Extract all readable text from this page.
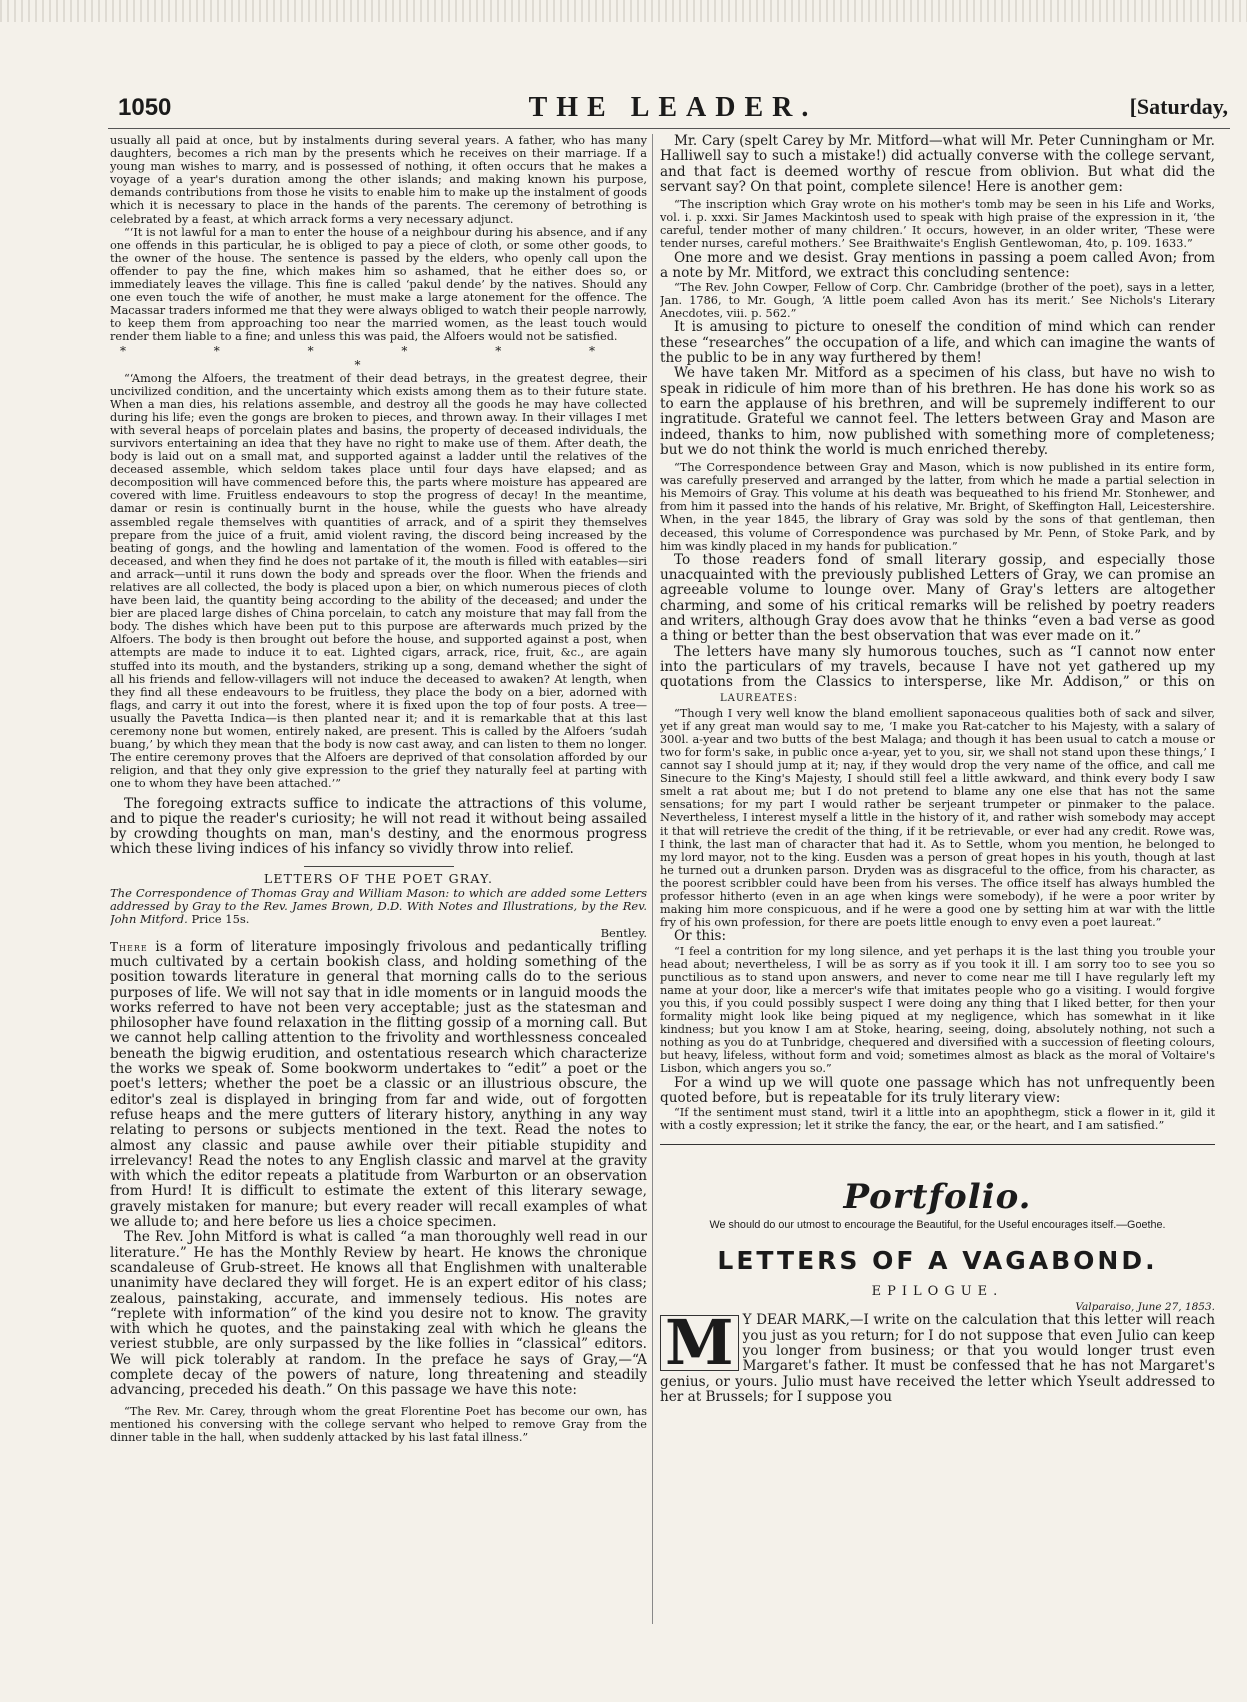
1050	THE LEADER.	[Saturday,

usually all paid at once, but by instalments during several years. A father, who has many daughters, becomes a rich man by the presents which he receives on their marriage. If a young man wishes to marry, and is possessed of nothing, it often occurs that he makes a voyage of a year's duration among the other islands; and making known his purpose, demands contributions from those he visits to enable him to make up the instalment of goods which it is necessary to place in the hands of the parents. The ceremony of betrothing is celebrated by a feast, at which arrack forms a very necessary adjunct.

“‘It is not lawful for a man to enter the house of a neighbour during his absence, and if any one offends in this particular, he is obliged to pay a piece of cloth, or some other goods, to the owner of the house. The sentence is passed by the elders, who openly call upon the offender to pay the fine, which makes him so ashamed, that he either does so, or immediately leaves the village. This fine is called ‘pakul dende’ by the natives. Should any one even touch the wife of another, he must make a large atonement for the offence. The Macassar traders informed me that they were always obliged to watch their people narrowly, to keep them from approaching too near the married women, as the least touch would render them liable to a fine; and unless this was paid, the Alfoers would not be satisfied.

* * * * * * *

“‘Among the Alfoers, the treatment of their dead betrays, in the greatest degree, their uncivilized condition, and the uncertainty which exists among them as to their future state. When a man dies, his relations assemble, and destroy all the goods he may have collected during his life; even the gongs are broken to pieces, and thrown away. In their villages I met with several heaps of porcelain plates and basins, the property of deceased individuals, the survivors entertaining an idea that they have no right to make use of them. After death, the body is laid out on a small mat, and supported against a ladder until the relatives of the deceased assemble, which seldom takes place until four days have elapsed; and as decomposition will have commenced before this, the parts where moisture has appeared are covered with lime. Fruitless endeavours to stop the progress of decay! In the meantime, damar or resin is continually burnt in the house, while the guests who have already assembled regale themselves with quantities of arrack, and of a spirit they themselves prepare from the juice of a fruit, amid violent raving, the discord being increased by the beating of gongs, and the howling and lamentation of the women. Food is offered to the deceased, and when they find he does not partake of it, the mouth is filled with eatables—siri and arrack—until it runs down the body and spreads over the floor. When the friends and relatives are all collected, the body is placed upon a bier, on which numerous pieces of cloth have been laid, the quantity being according to the ability of the deceased; and under the bier are placed large dishes of China porcelain, to catch any moisture that may fall from the body. The dishes which have been put to this purpose are afterwards much prized by the Alfoers. The body is then brought out before the house, and supported against a post, when attempts are made to induce it to eat. Lighted cigars, arrack, rice, fruit, &c., are again stuffed into its mouth, and the bystanders, striking up a song, demand whether the sight of all his friends and fellow-villagers will not induce the deceased to awaken? At length, when they find all these endeavours to be fruitless, they place the body on a bier, adorned with flags, and carry it out into the forest, where it is fixed upon the top of four posts. A tree—usually the Pavetta Indica—is then planted near it; and it is remarkable that at this last ceremony none but women, entirely naked, are present. This is called by the Alfoers ‘sudah buang,’ by which they mean that the body is now cast away, and can listen to them no longer. The entire ceremony proves that the Alfoers are deprived of that consolation afforded by our religion, and that they only give expression to the grief they naturally feel at parting with one to whom they have been attached.’”

The foregoing extracts suffice to indicate the attractions of this volume, and to pique the reader's curiosity; he will not read it without being assailed by crowding thoughts on man, man's destiny, and the enormous progress which these living indices of his infancy so vividly throw into relief.

LETTERS OF THE POET GRAY.

The Correspondence of Thomas Gray and William Mason: to which are added some Letters addressed by Gray to the Rev. James Brown, D.D. With Notes and Illustrations, by the Rev. John Mitford. Price 15s.

Bentley.

There is a form of literature imposingly frivolous and pedantically trifling much cultivated by a certain bookish class, and holding something of the position towards literature in general that morning calls do to the serious purposes of life. We will not say that in idle moments or in languid moods the works referred to have not been very acceptable; just as the statesman and philosopher have found relaxation in the flitting gossip of a morning call. But we cannot help calling attention to the frivolity and worthlessness concealed beneath the bigwig erudition, and ostentatious research which characterize the works we speak of. Some bookworm undertakes to “edit” a poet or the poet's letters; whether the poet be a classic or an illustrious obscure, the editor's zeal is displayed in bringing from far and wide, out of forgotten refuse heaps and the mere gutters of literary history, anything in any way relating to persons or subjects mentioned in the text. Read the notes to almost any classic and pause awhile over their pitiable stupidity and irrelevancy! Read the notes to any English classic and marvel at the gravity with which the editor repeats a platitude from Warburton or an observation from Hurd! It is difficult to estimate the extent of this literary sewage, gravely mistaken for manure; but every reader will recall examples of what we allude to; and here before us lies a choice specimen.

The Rev. John Mitford is what is called “a man thoroughly well read in our literature.” He has the Monthly Review by heart. He knows the chronique scandaleuse of Grub-street. He knows all that Englishmen with unalterable unanimity have declared they will forget. He is an expert editor of his class; zealous, painstaking, accurate, and immensely tedious. His notes are “replete with information” of the kind you desire not to know. The gravity with which he quotes, and the painstaking zeal with which he gleans the veriest stubble, are only surpassed by the like follies in “classical” editors. We will pick tolerably at random. In the preface he says of Gray,—“A complete decay of the powers of nature, long threatening and steadily advancing, preceded his death.” On this passage we have this note:

“The Rev. Mr. Carey, through whom the great Florentine Poet has become our own, has mentioned his conversing with the college servant who helped to remove Gray from the dinner table in the hall, when suddenly attacked by his last fatal illness.”

Mr. Cary (spelt Carey by Mr. Mitford—what will Mr. Peter Cunningham or Mr. Halliwell say to such a mistake!) did actually converse with the college servant, and that fact is deemed worthy of rescue from oblivion. But what did the servant say? On that point, complete silence! Here is another gem:

“The inscription which Gray wrote on his mother's tomb may be seen in his Life and Works, vol. i. p. xxxi. Sir James Mackintosh used to speak with high praise of the expression in it, ‘the careful, tender mother of many children.’ It occurs, however, in an older writer, ‘These were tender nurses, careful mothers.’ See Braithwaite's English Gentlewoman, 4to, p. 109. 1633.”

One more and we desist. Gray mentions in passing a poem called Avon; from a note by Mr. Mitford, we extract this concluding sentence:

“The Rev. John Cowper, Fellow of Corp. Chr. Cambridge (brother of the poet), says in a letter, Jan. 1786, to Mr. Gough, ‘A little poem called Avon has its merit.’ See Nichols's Literary Anecdotes, viii. p. 562.”

It is amusing to picture to oneself the condition of mind which can render these “researches” the occupation of a life, and which can imagine the wants of the public to be in any way furthered by them!

We have taken Mr. Mitford as a specimen of his class, but have no wish to speak in ridicule of him more than of his brethren. He has done his work so as to earn the applause of his brethren, and will be supremely indifferent to our ingratitude. Grateful we cannot feel. The letters between Gray and Mason are indeed, thanks to him, now published with something more of completeness; but we do not think the world is much enriched thereby.

“The Correspondence between Gray and Mason, which is now published in its entire form, was carefully preserved and arranged by the latter, from which he made a partial selection in his Memoirs of Gray. This volume at his death was bequeathed to his friend Mr. Stonhewer, and from him it passed into the hands of his relative, Mr. Bright, of Skeffington Hall, Leicestershire. When, in the year 1845, the library of Gray was sold by the sons of that gentleman, then deceased, this volume of Correspondence was purchased by Mr. Penn, of Stoke Park, and by him was kindly placed in my hands for publication.”

To those readers fond of small literary gossip, and especially those unacquainted with the previously published Letters of Gray, we can promise an agreeable volume to lounge over. Many of Gray's letters are altogether charming, and some of his critical remarks will be relished by poetry readers and writers, although Gray does avow that he thinks “even a bad verse as good a thing or better than the best observation that was ever made on it.”

The letters have many sly humorous touches, such as “I cannot now enter into the particulars of my travels, because I have not yet gathered up my quotations from the Classics to intersperse, like Mr. Addison,” or this on LAUREATES:

“Though I very well know the bland emollient saponaceous qualities both of sack and silver, yet if any great man would say to me, ‘I make you Rat-catcher to his Majesty, with a salary of 300l. a-year and two butts of the best Malaga; and though it has been usual to catch a mouse or two for form's sake, in public once a-year, yet to you, sir, we shall not stand upon these things,’ I cannot say I should jump at it; nay, if they would drop the very name of the office, and call me Sinecure to the King's Majesty, I should still feel a little awkward, and think every body I saw smelt a rat about me; but I do not pretend to blame any one else that has not the same sensations; for my part I would rather be serjeant trumpeter or pinmaker to the palace. Nevertheless, I interest myself a little in the history of it, and rather wish somebody may accept it that will retrieve the credit of the thing, if it be retrievable, or ever had any credit. Rowe was, I think, the last man of character that had it. As to Settle, whom you mention, he belonged to my lord mayor, not to the king. Eusden was a person of great hopes in his youth, though at last he turned out a drunken parson. Dryden was as disgraceful to the office, from his character, as the poorest scribbler could have been from his verses. The office itself has always humbled the professor hitherto (even in an age when kings were somebody), if he were a poor writer by making him more conspicuous, and if he were a good one by setting him at war with the little fry of his own profession, for there are poets little enough to envy even a poet laureat.”

Or this:

“I feel a contrition for my long silence, and yet perhaps it is the last thing you trouble your head about; nevertheless, I will be as sorry as if you took it ill. I am sorry too to see you so punctilious as to stand upon answers, and never to come near me till I have regularly left my name at your door, like a mercer's wife that imitates people who go a visiting. I would forgive you this, if you could possibly suspect I were doing any thing that I liked better, for then your formality might look like being piqued at my negligence, which has somewhat in it like kindness; but you know I am at Stoke, hearing, seeing, doing, absolutely nothing, not such a nothing as you do at Tunbridge, chequered and diversified with a succession of fleeting colours, but heavy, lifeless, without form and void; sometimes almost as black as the moral of Voltaire's Lisbon, which angers you so.”

For a wind up we will quote one passage which has not unfrequently been quoted before, but is repeatable for its truly literary view:

“If the sentiment must stand, twirl it a little into an apophthegm, stick a flower in it, gild it with a costly expression; let it strike the fancy, the ear, or the heart, and I am satisfied.”

Portfolio.
We should do our utmost to encourage the Beautiful, for the Useful encourages itself.—Goethe.
LETTERS OF A VAGABOND.
EPILOGUE.
Valparaiso, June 27, 1853.

M Y DEAR MARK,—I write on the calculation that this letter will reach you just as you return; for I do not suppose that even Julio can keep you longer from business; or that you would longer trust even Margaret's father. It must be confessed that he has not Margaret's genius, or yours. Julio must have received the letter which Yseult addressed to her at Brussels; for I suppose you
